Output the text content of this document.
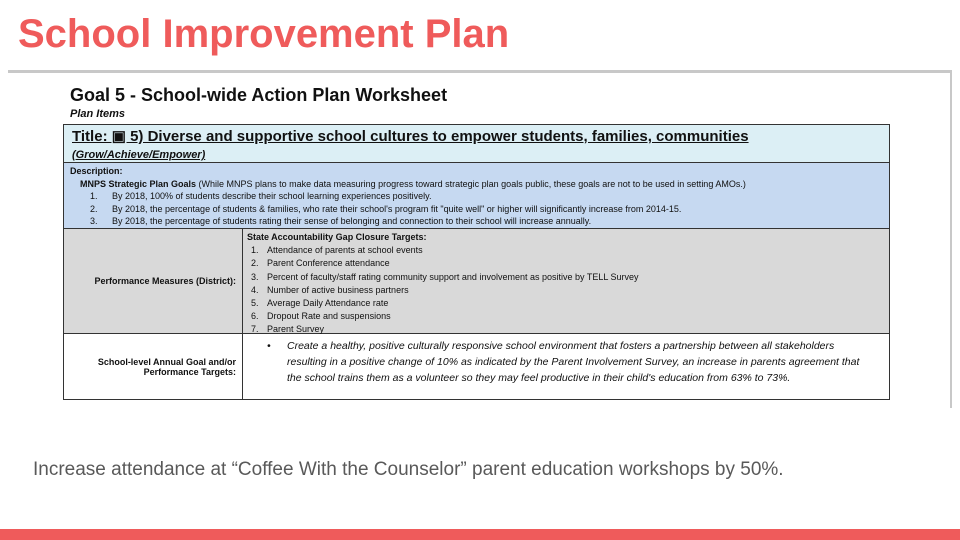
School Improvement Plan
Goal 5 - School-wide Action Plan Worksheet
Plan Items
Title: ▣ 5) Diverse and supportive school cultures to empower students, families, communities
(Grow/Achieve/Empower)
Description:
MNPS Strategic Plan Goals (While MNPS plans to make data measuring progress toward strategic plan goals public, these goals are not to be used in setting AMOs.)
1. By 2018, 100% of students describe their school learning experiences positively.
2. By 2018, the percentage of students & families, who rate their school's program fit "quite well" or higher will significantly increase from 2014-15.
3. By 2018, the percentage of students rating their sense of belonging and connection to their school will increase annually.
Performance Measures (District):
State Accountability Gap Closure Targets:
1. Attendance of parents at school events
2. Parent Conference attendance
3. Percent of faculty/staff rating community support and involvement as positive by TELL Survey
4. Number of active business partners
5. Average Daily Attendance rate
6. Dropout Rate and suspensions
7. Parent Survey
School-level Annual Goal and/or Performance Targets:
• Create a healthy, positive culturally responsive school environment that fosters a partnership between all stakeholders resulting in a positive change of 10% as indicated by the Parent Involvement Survey, an increase in parents agreement that the school trains them as a volunteer so they may feel productive in their child's education from 63% to 73%.
Increase attendance at “Coffee With the Counselor” parent education workshops by 50%.
